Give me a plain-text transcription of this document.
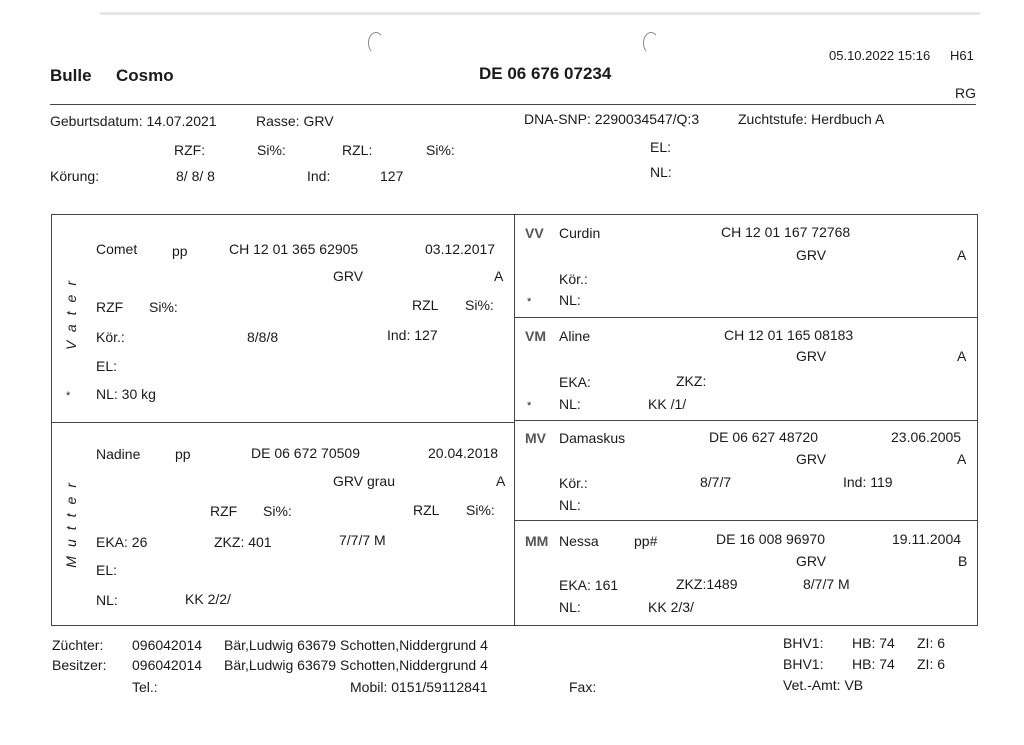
Bulle Cosmo	DE 06 676 07234
05.10.2022 15:16 H61
RG
Geburtsdatum: 14.07.2021	Rasse: GRV	DNA-SNP: 2290034547/Q:3	Zuchtstufe: Herdbuch A
RZF:	Si%:	RZL:	Si%:	EL:
Körung:	8/ 8/ 8	Ind:	127	NL:
Vater
Comet pp	CH 12 01 365 62905	03.12.2017
GRV	A
RZF Si%:	RZL Si%:
Kör.:	8/8/8	Ind: 127
EL:
* NL: 30 kg
Mutter
Nadine pp	DE 06 672 70509	20.04.2018
GRV grau	A
RZF Si%:	RZL Si%:
EKA: 26	ZKZ: 401	7/7/7 M
EL:
NL:	KK 2/2/
VV Curdin	CH 12 01 167 72768
GRV	A
Kör.:
* NL:
VM Aline	CH 12 01 165 08183
GRV	A
EKA:	ZKZ:
* NL:	KK /1/
MV Damaskus	DE 06 627 48720	23.06.2005
GRV	A
Kör.:	8/7/7	Ind: 119
NL:
MM Nessa	pp#	DE 16 008 96970	19.11.2004
GRV	B
EKA: 161	ZKZ:1489	8/7/7 M
NL:	KK 2/3/
Züchter: 096042014 Bär,Ludwig 63679 Schotten,Niddergrund 4
Besitzer: 096042014 Bär,Ludwig 63679 Schotten,Niddergrund 4
Tel.:	Mobil: 0151/59112841	Fax:
BHV1: HB: 74 ZI: 6
BHV1: HB: 74 ZI: 6
Vet.-Amt: VB
